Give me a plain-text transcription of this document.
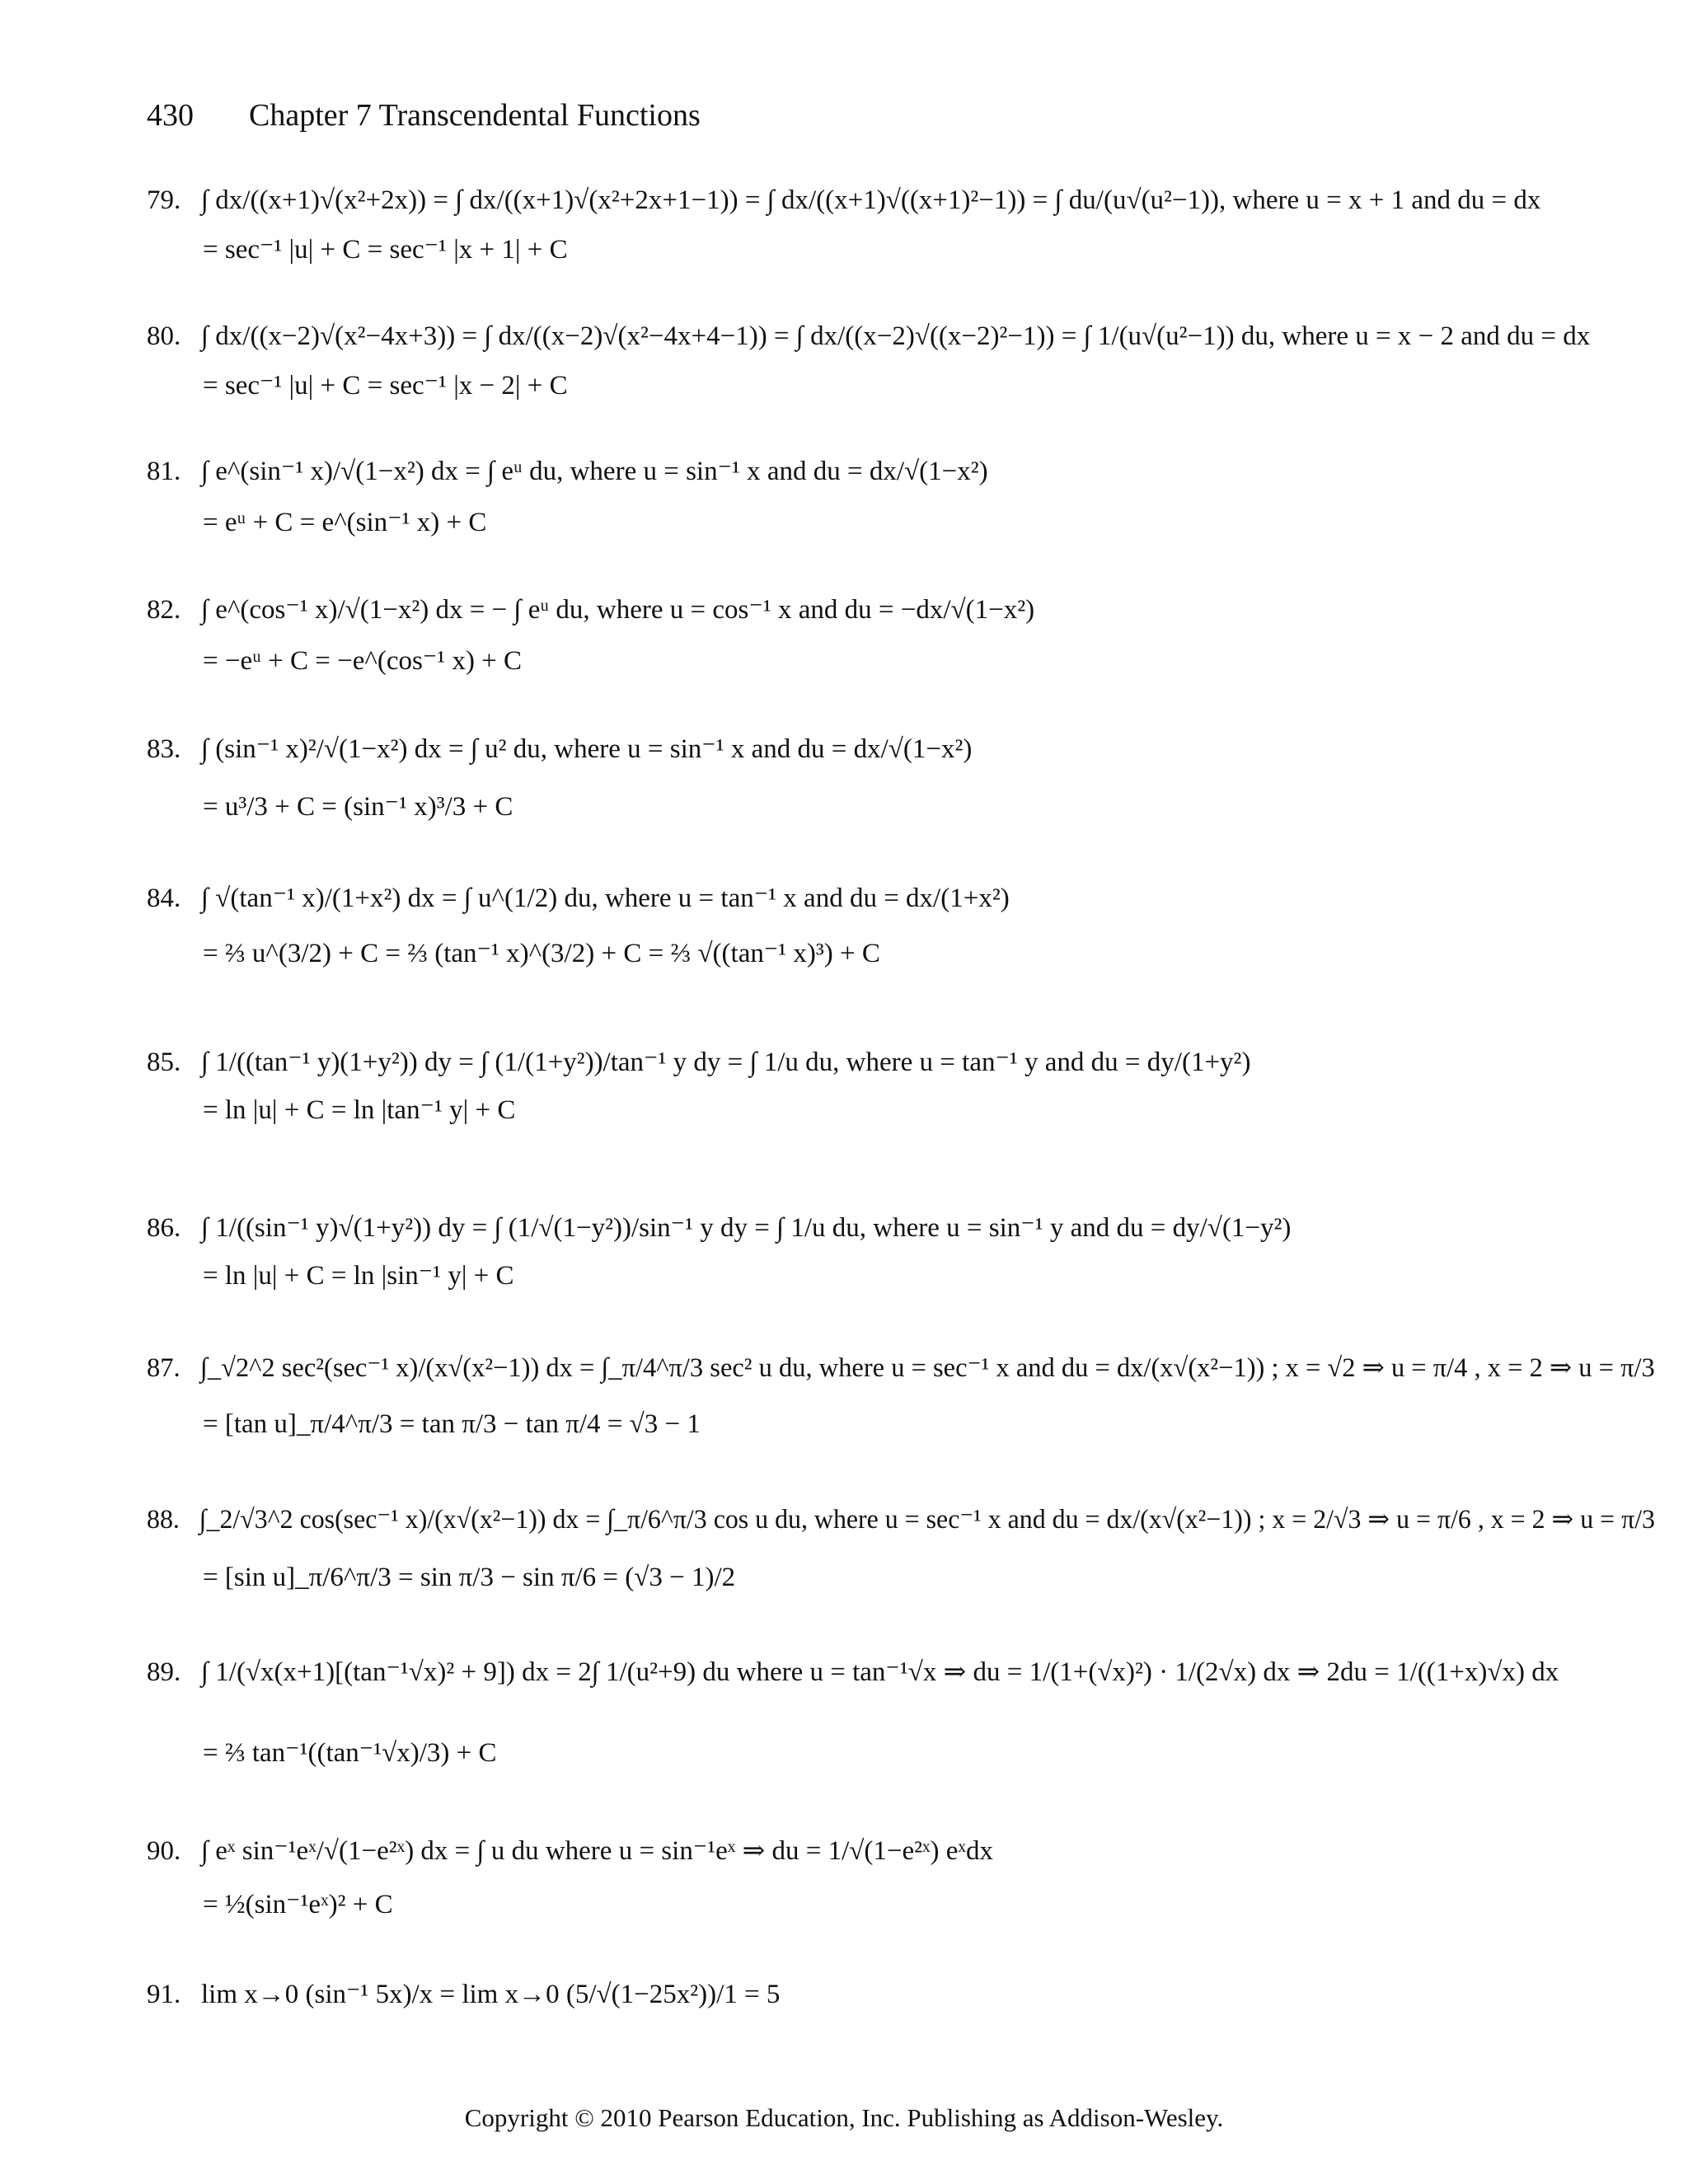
430 Chapter 7 Transcendental Functions
79. ∫ dx/((x+1)√(x²+2x)) = ∫ dx/((x+1)√(x²+2x+1−1)) = ∫ dx/((x+1)√((x+1)²−1)) = ∫ du/(u√(u²−1)), where u = x + 1 and du = dx
= sec⁻¹ |u| + C = sec⁻¹ |x + 1| + C
80. ∫ dx/((x−2)√(x²−4x+3)) = ∫ dx/((x−2)√(x²−4x+4−1)) = ∫ dx/((x−2)√((x−2)²−1)) = ∫ 1/(u√(u²−1)) du, where u = x − 2 and du = dx
= sec⁻¹ |u| + C = sec⁻¹ |x − 2| + C
81. ∫ e^(sin⁻¹ x)/√(1−x²) dx = ∫ eᵘ du, where u = sin⁻¹ x and du = dx/√(1−x²)
= eᵘ + C = e^(sin⁻¹ x) + C
82. ∫ e^(cos⁻¹ x)/√(1−x²) dx = − ∫ eᵘ du, where u = cos⁻¹ x and du = −dx/√(1−x²)
= −eᵘ + C = −e^(cos⁻¹ x) + C
83. ∫ (sin⁻¹ x)²/√(1−x²) dx = ∫ u² du, where u = sin⁻¹ x and du = dx/√(1−x²)
= u³/3 + C = (sin⁻¹ x)³/3 + C
84. ∫ √(tan⁻¹ x)/(1+x²) dx = ∫ u^(1/2) du, where u = tan⁻¹ x and du = dx/(1+x²)
= ⅔ u^(3/2) + C = ⅔ (tan⁻¹ x)^(3/2) + C = ⅔ √((tan⁻¹ x)³) + C
85. ∫ 1/((tan⁻¹ y)(1+y²)) dy = ∫ (1/(1+y²))/tan⁻¹ y dy = ∫ 1/u du, where u = tan⁻¹ y and du = dy/(1+y²)
= ln |u| + C = ln |tan⁻¹ y| + C
86. ∫ 1/((sin⁻¹ y)√(1+y²)) dy = ∫ (1/√(1−y²))/sin⁻¹ y dy = ∫ 1/u du, where u = sin⁻¹ y and du = dy/√(1−y²)
= ln |u| + C = ln |sin⁻¹ y| + C
87. ∫_√2^2 sec²(sec⁻¹ x)/(x√(x²−1)) dx = ∫_π/4^π/3 sec² u du, where u = sec⁻¹ x and du = dx/(x√(x²−1)) ; x = √2 ⇒ u = π/4 , x = 2 ⇒ u = π/3
= [tan u]_π/4^π/3 = tan π/3 − tan π/4 = √3 − 1
88. ∫_2/√3^2 cos(sec⁻¹ x)/(x√(x²−1)) dx = ∫_π/6^π/3 cos u du, where u = sec⁻¹ x and du = dx/(x√(x²−1)) ; x = 2/√3 ⇒ u = π/6 , x = 2 ⇒ u = π/3
= [sin u]_π/6^π/3 = sin π/3 − sin π/6 = (√3 − 1)/2
89. ∫ 1/(√x(x+1)[(tan⁻¹√x)² + 9]) dx = 2∫ 1/(u²+9) du where u = tan⁻¹√x ⇒ du = 1/(1+(√x)²) · 1/(2√x) dx ⇒ 2du = 1/((1+x)√x) dx
= ⅔ tan⁻¹((tan⁻¹√x)/3) + C
90. ∫ eˣ sin⁻¹eˣ/√(1−e²ˣ) dx = ∫ u du where u = sin⁻¹eˣ ⇒ du = 1/√(1−e²ˣ) eˣdx
= ½(sin⁻¹eˣ)² + C
91. lim x→0 (sin⁻¹ 5x)/x = lim x→0 (5/√(1−25x²))/1 = 5
Copyright © 2010 Pearson Education, Inc. Publishing as Addison-Wesley.
